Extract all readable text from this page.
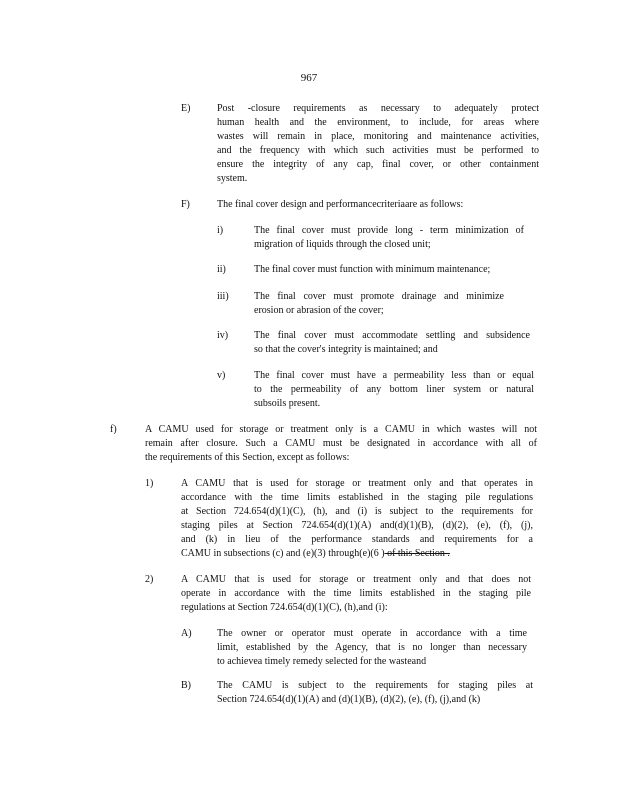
967
E)	Post -closure requirements as necessary to adequately protect
human health and the environment, to include, for areas where
wastes will remain in place, monitoring and maintenance activities,
and the frequency with which such activities must be performed to
ensure the integrity of any cap, final cover, or other containment
system.
F)	The final cover design and performancecriteriaare as follows:
i)	The final cover must provide long - term minimization of
migration of liquids through the closed unit;
ii)	The final cover must function with minimum maintenance;
iii)	The final cover must promote drainage and minimize
erosion or abrasion of the cover;
iv)	The final cover must accommodate settling and subsidence
so that the cover's integrity is maintained; and
v)	The final cover must have a permeability less than or equal
to the permeability of any bottom liner system or natural
subsoils present.
f)	A CAMU used for storage or treatment only is a CAMU in which wastes will not
remain after closure. Such a CAMU must be designated in accordance with all of
the requirements of this Section, except as follows:
1)	A CAMU that is used for storage or treatment only and that operates in
accordance with the time limits established in the staging pile regulations
at Section 724.654(d)(1)(C), (h), and (i) is subject to the requirements for
staging piles at Section 724.654(d)(1)(A) and(d)(1)(B), (d)(2), (e), (f), (j),
and (k) in lieu of the performance standards and requirements for a
CAMU in subsections (c) and (e)(3) through(e)(6 ) of this Section .
2)	A CAMU that is used for storage or treatment only and that does not
operate in accordance with the time limits established in the staging pile
regulations at Section 724.654(d)(1)(C), (h),and (i):
A)	The owner or operator must operate in accordance with a time
limit, established by the Agency, that is no longer than necessary
to achievea timely remedy selected for the wasteand
B)	The CAMU is subject to the requirements for staging piles at
Section 724.654(d)(1)(A) and (d)(1)(B), (d)(2), (e), (f), (j),and (k)
